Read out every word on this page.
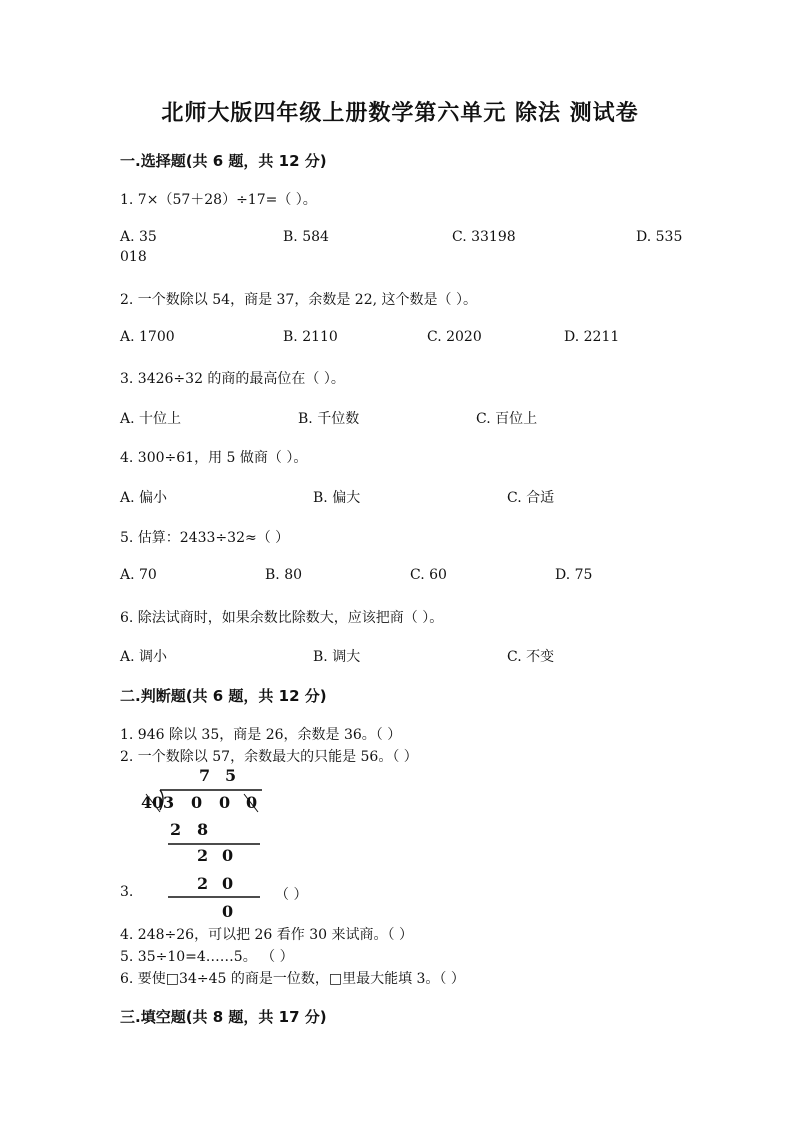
北师大版四年级上册数学第六单元 除法 测试卷
一.选择题(共 6 题，共 12 分)
1. 7×（57＋28）÷17=（ ）。
A. 35	B. 584	C. 33198	D. 535
018
2. 一个数除以 54，商是 37，余数是 22, 这个数是（ ）。
A. 1700	B. 2110	C. 2020	D. 2211
3. 3426÷32 的商的最高位在（ ）。
A. 十位上	B. 千位数	C. 百位上
4. 300÷61，用 5 做商（ ）。
A. 偏小	B. 偏大	C. 合适
5. 估算：2433÷32≈（ ）
A. 70	B. 80	C. 60	D. 75
6. 除法试商时，如果余数比除数大，应该把商（ ）。
A. 调小	B. 调大	C. 不变
二.判断题(共 6 题，共 12 分)
1. 946 除以 35，商是 26，余数是 36。（ ）
2. 一个数除以 57，余数最大的只能是 56。（ ）
7 5
40 3 0 0 0
2 8
2 0
2 0
0
3.	（ ）
4. 248÷26，可以把 26 看作 30 来试商。（ ）
5. 35÷10=4……5。 （ ）
6. 要使□34÷45 的商是一位数，□里最大能填 3。（ ）
三.填空题(共 8 题，共 17 分)
